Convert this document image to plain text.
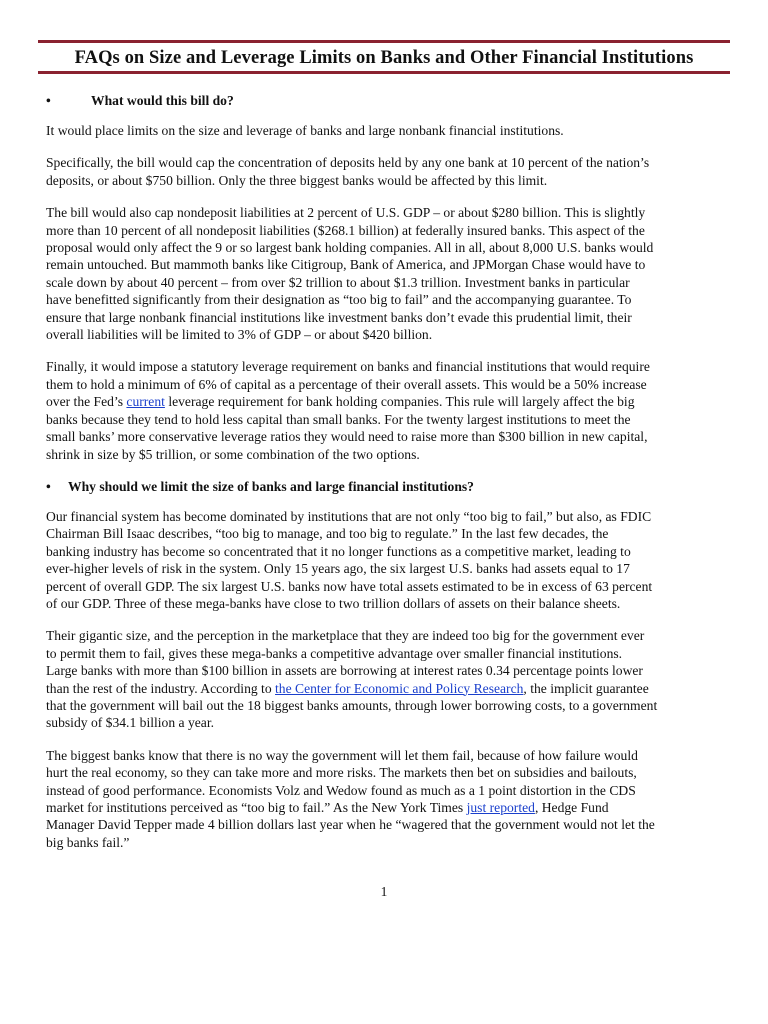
FAQs on Size and Leverage Limits on Banks and Other Financial Institutions
•	What would this bill do?

It would place limits on the size and leverage of banks and large nonbank financial institutions.

Specifically, the bill would cap the concentration of deposits held by any one bank at 10 percent of the nation’s
deposits, or about $750 billion. Only the three biggest banks would be affected by this limit.

The bill would also cap nondeposit liabilities at 2 percent of U.S. GDP – or about $280 billion. This is slightly
more than 10 percent of all nondeposit liabilities ($268.1 billion) at federally insured banks. This aspect of the
proposal would only affect the 9 or so largest bank holding companies. All in all, about 8,000 U.S. banks would
remain untouched. But mammoth banks like Citigroup, Bank of America, and JPMorgan Chase would have to
scale down by about 40 percent – from over $2 trillion to about $1.3 trillion. Investment banks in particular
have benefitted significantly from their designation as “too big to fail” and the accompanying guarantee. To
ensure that large nonbank financial institutions like investment banks don’t evade this prudential limit, their
overall liabilities will be limited to 3% of GDP – or about $420 billion.

Finally, it would impose a statutory leverage requirement on banks and financial institutions that would require
them to hold a minimum of 6% of capital as a percentage of their overall assets. This would be a 50% increase
over the Fed’s current leverage requirement for bank holding companies. This rule will largely affect the big
banks because they tend to hold less capital than small banks. For the twenty largest institutions to meet the
small banks’ more conservative leverage ratios they would need to raise more than $300 billion in new capital,
shrink in size by $5 trillion, or some combination of the two options.

• Why should we limit the size of banks and large financial institutions?

Our financial system has become dominated by institutions that are not only “too big to fail,” but also, as FDIC
Chairman Bill Isaac describes, “too big to manage, and too big to regulate.” In the last few decades, the
banking industry has become so concentrated that it no longer functions as a competitive market, leading to
ever-higher levels of risk in the system. Only 15 years ago, the six largest U.S. banks had assets equal to 17
percent of overall GDP. The six largest U.S. banks now have total assets estimated to be in excess of 63 percent
of our GDP. Three of these mega-banks have close to two trillion dollars of assets on their balance sheets.

Their gigantic size, and the perception in the marketplace that they are indeed too big for the government ever
to permit them to fail, gives these mega-banks a competitive advantage over smaller financial institutions.
Large banks with more than $100 billion in assets are borrowing at interest rates 0.34 percentage points lower
than the rest of the industry. According to the Center for Economic and Policy Research, the implicit guarantee
that the government will bail out the 18 biggest banks amounts, through lower borrowing costs, to a government
subsidy of $34.1 billion a year.

The biggest banks know that there is no way the government will let them fail, because of how failure would
hurt the real economy, so they can take more and more risks. The markets then bet on subsidies and bailouts,
instead of good performance. Economists Volz and Wedow found as much as a 1 point distortion in the CDS
market for institutions perceived as “too big to fail.” As the New York Times just reported, Hedge Fund
Manager David Tepper made 4 billion dollars last year when he “wagered that the government would not let the
big banks fail.”

1
